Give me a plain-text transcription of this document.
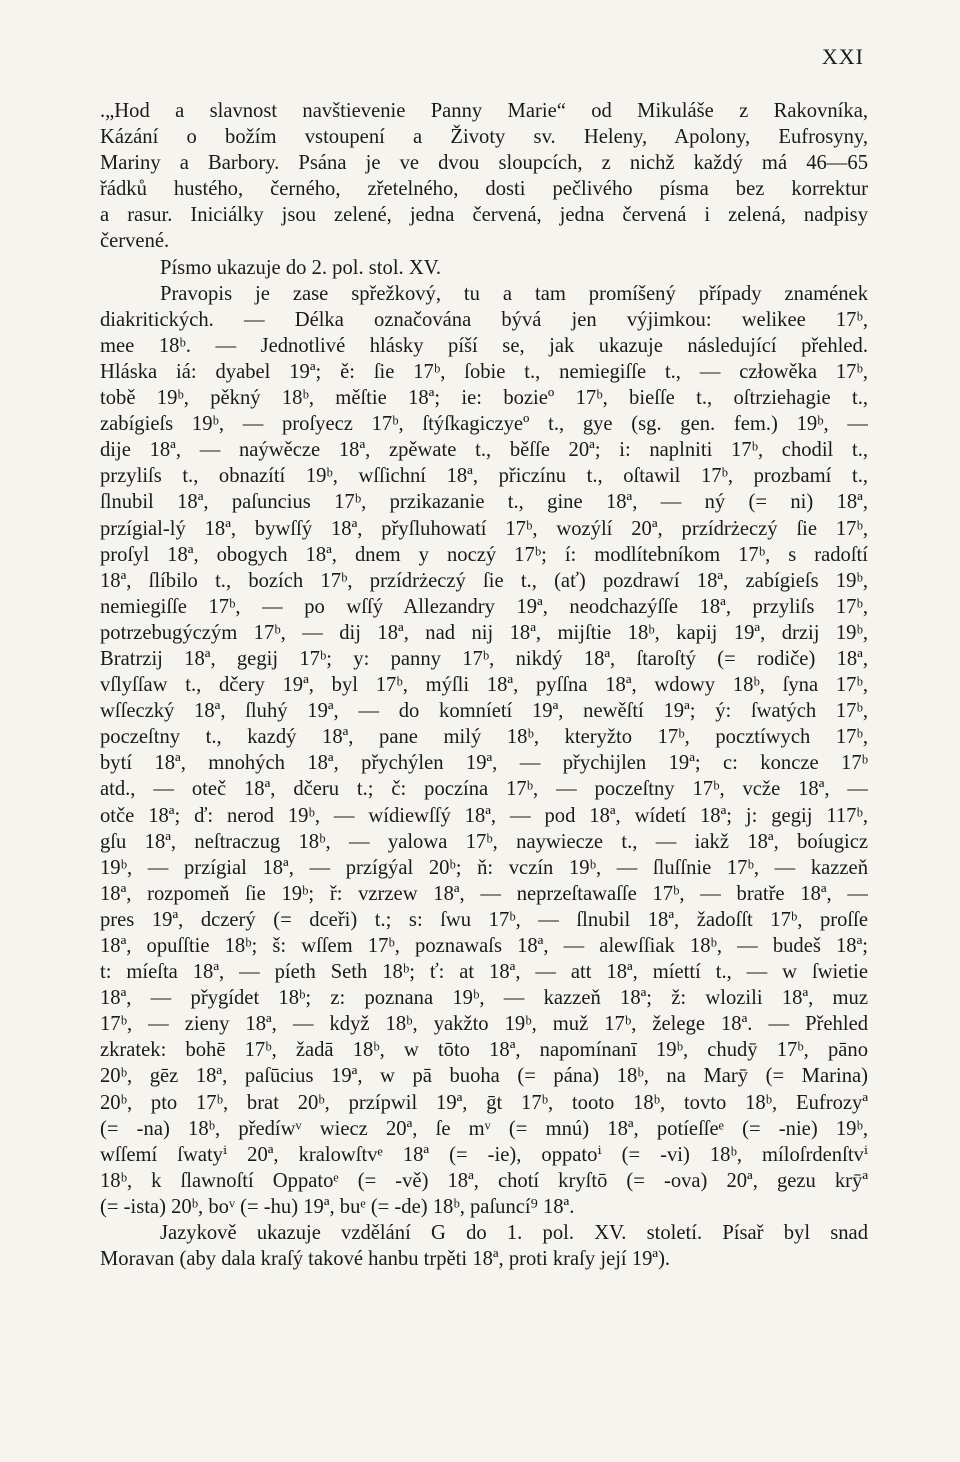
XXI
.„Hod a slavnost navštievenie Panny Marie“ od Mikuláše z Rakovníka,
Kázání o božím vstoupení a Životy sv. Heleny, Apolony, Eufrosyny,
Mariny a Barbory. Psána je ve dvou sloupcích, z nichž každý má 46—65
řádků hustého, černého, zřetelného, dosti pečlivého písma bez korrektur
a rasur. Iniciálky jsou zelené, jedna červená, jedna červená i zelená, nadpisy
červené.
Písmo ukazuje do 2. pol. stol. XV.
Pravopis je zase spřežkový, tu a tam promíšený případy znamének
diakritických. — Délka označována bývá jen výjimkou: welikee 17ᵇ,
mee 18ᵇ. — Jednotlivé hlásky píší se, jak ukazuje následující přehled.
Hláska iá: dyabel 19ª; ě: ſie 17ᵇ, ſobie t., nemiegiſſe t., — człowěka 17ᵇ,
tobě 19ᵇ, pěkný 18ᵇ, měſtie 18ª; ie: bozieº 17ᵇ, bieſſe t., oſtrziehagie t.,
zabígieſs 19ᵇ, — proſyecz 17ᵇ, ſtýſkagiczyeº t., gye (sg. gen. fem.) 19ᵇ, —
dije 18ª, — naýwěcze 18ª, zpěwate t., běſſe 20ª; i: naplniti 17ᵇ, chodil t.,
przyliſs t., obnazítí 19ᵇ, wſſichní 18ª, přiczínu t., oſtawil 17ᵇ, prozbamí t.,
ſlnubil 18ª, paſuncius 17ᵇ, przikazanie t., gine 18ª, — ný (= ni) 18ª,
przígial-lý 18ª, bywſſý 18ª, přyſluhowatí 17ᵇ, wozýlí 20ª, przídrżeczý ſie 17ᵇ,
proſyl 18ª, obogych 18ª, dnem y noczý 17ᵇ; í: modlítebníkom 17ᵇ, s radoſtí
18ª, ſlíbilo t., bozích 17ᵇ, przídrżeczý ſie t., (ať) pozdrawí 18ª, zabígieſs 19ᵇ,
nemiegiſſe 17ᵇ, — po wſſý Allezandry 19ª, neodchazýſſe 18ª, przyliſs 17ᵇ,
potrzebugýczým 17ᵇ, — dij 18ª, nad nij 18ª, mijſtie 18ᵇ, kapij 19ª, drzij 19ᵇ,
Bratrzij 18ª, gegij 17ᵇ; y: panny 17ᵇ, nikdý 18ª, ſtaroſtý (= rodiče) 18ª,
vſlyſſaw t., dčery 19ª, byl 17ᵇ, mýſli 18ª, pyſſna 18ª, wdowy 18ᵇ, ſyna 17ᵇ,
wſſeczký 18ª, ſluhý 19ª, — do komníetí 19ª, newěſtí 19ª; ý: ſwatých 17ᵇ,
poczeſtny t., kazdý 18ª, pane milý 18ᵇ, kteryžto 17ᵇ, pocztíwych 17ᵇ,
bytí 18ª, mnohých 18ª, přychýlen 19ª, — přychijlen 19ª; c: koncze 17ᵇ
atd., — oteč 18ª, dčeru t.; č: poczína 17ᵇ, — poczeſtny 17ᵇ, vcže 18ª, —
otče 18ª; ď: nerod 19ᵇ, — wídiewſſý 18ª, — pod 18ª, wídetí 18ª; j: gegij 117ᵇ,
gſu 18ª, neſtraczug 18ᵇ, — yalowa 17ᵇ, naywiecze t., — iakž 18ª, boíugicz
19ᵇ, — przígial 18ª, — przígýal 20ᵇ; ň: vczín 19ᵇ, — ſluſſnie 17ᵇ, — kazzeň
18ª, rozpomeň ſie 19ᵇ; ř: vzrzew 18ª, — neprzeſtawaſſe 17ᵇ, — bratře 18ª, —
pres 19ª, dczerý (= dceři) t.; s: ſwu 17ᵇ, — ſlnubil 18ª, žadoſſt 17ᵇ, proſſe
18ª, opuſſtie 18ᵇ; š: wſſem 17ᵇ, poznawaſs 18ª, — alewſſiak 18ᵇ, — budeš 18ª;
t: míeſta 18ª, — píeth Seth 18ᵇ; ť: at 18ª, — att 18ª, míettí t., — w ſwietie
18ª, — přygídet 18ᵇ; z: poznana 19ᵇ, — kazzeň 18ª; ž: wlozili 18ª, muz
17ᵇ, — zieny 18ª, — když 18ᵇ, yakžto 19ᵇ, muž 17ᵇ, želege 18ª. — Přehled
zkratek: bohē 17ᵇ, žadā 18ᵇ, w tōto 18ª, napomínanī 19ᵇ, chudȳ 17ᵇ, pāno
20ᵇ, gēz 18ª, paſūcius 19ª, w pā buoha (= pána) 18ᵇ, na Marȳ (= Marina)
20ᵇ, pto 17ᵇ, brat 20ᵇ, przípwil 19ª, ḡt 17ᵇ, tooto 18ᵇ, tovto 18ᵇ, Eufrozyª
(= -na) 18ᵇ, předíwᵛ wiecz 20ª, ſe mᵛ (= mnú) 18ª, potíeſſeᵉ (= -nie) 19ᵇ,
wſſemí ſwatyⁱ 20ª, kralowſtvᵉ 18ª (= -ie), oppatoⁱ (= -vi) 18ᵇ, míloſrdenſtvⁱ
18ᵇ, k ſlawnoſtí Oppatoᵉ (= -vě) 18ª, chotí kryſtō (= -ova) 20ª, gezu krȳª
(= -ista) 20ᵇ, boᵛ (= -hu) 19ª, buᵉ (= -de) 18ᵇ, paſuncí⁹ 18ª.
Jazykově ukazuje vzdělání G do 1. pol. XV. století. Písař byl snad
Moravan (aby dala kraſý takové hanbu trpěti 18ª, proti kraſy její 19ª).
